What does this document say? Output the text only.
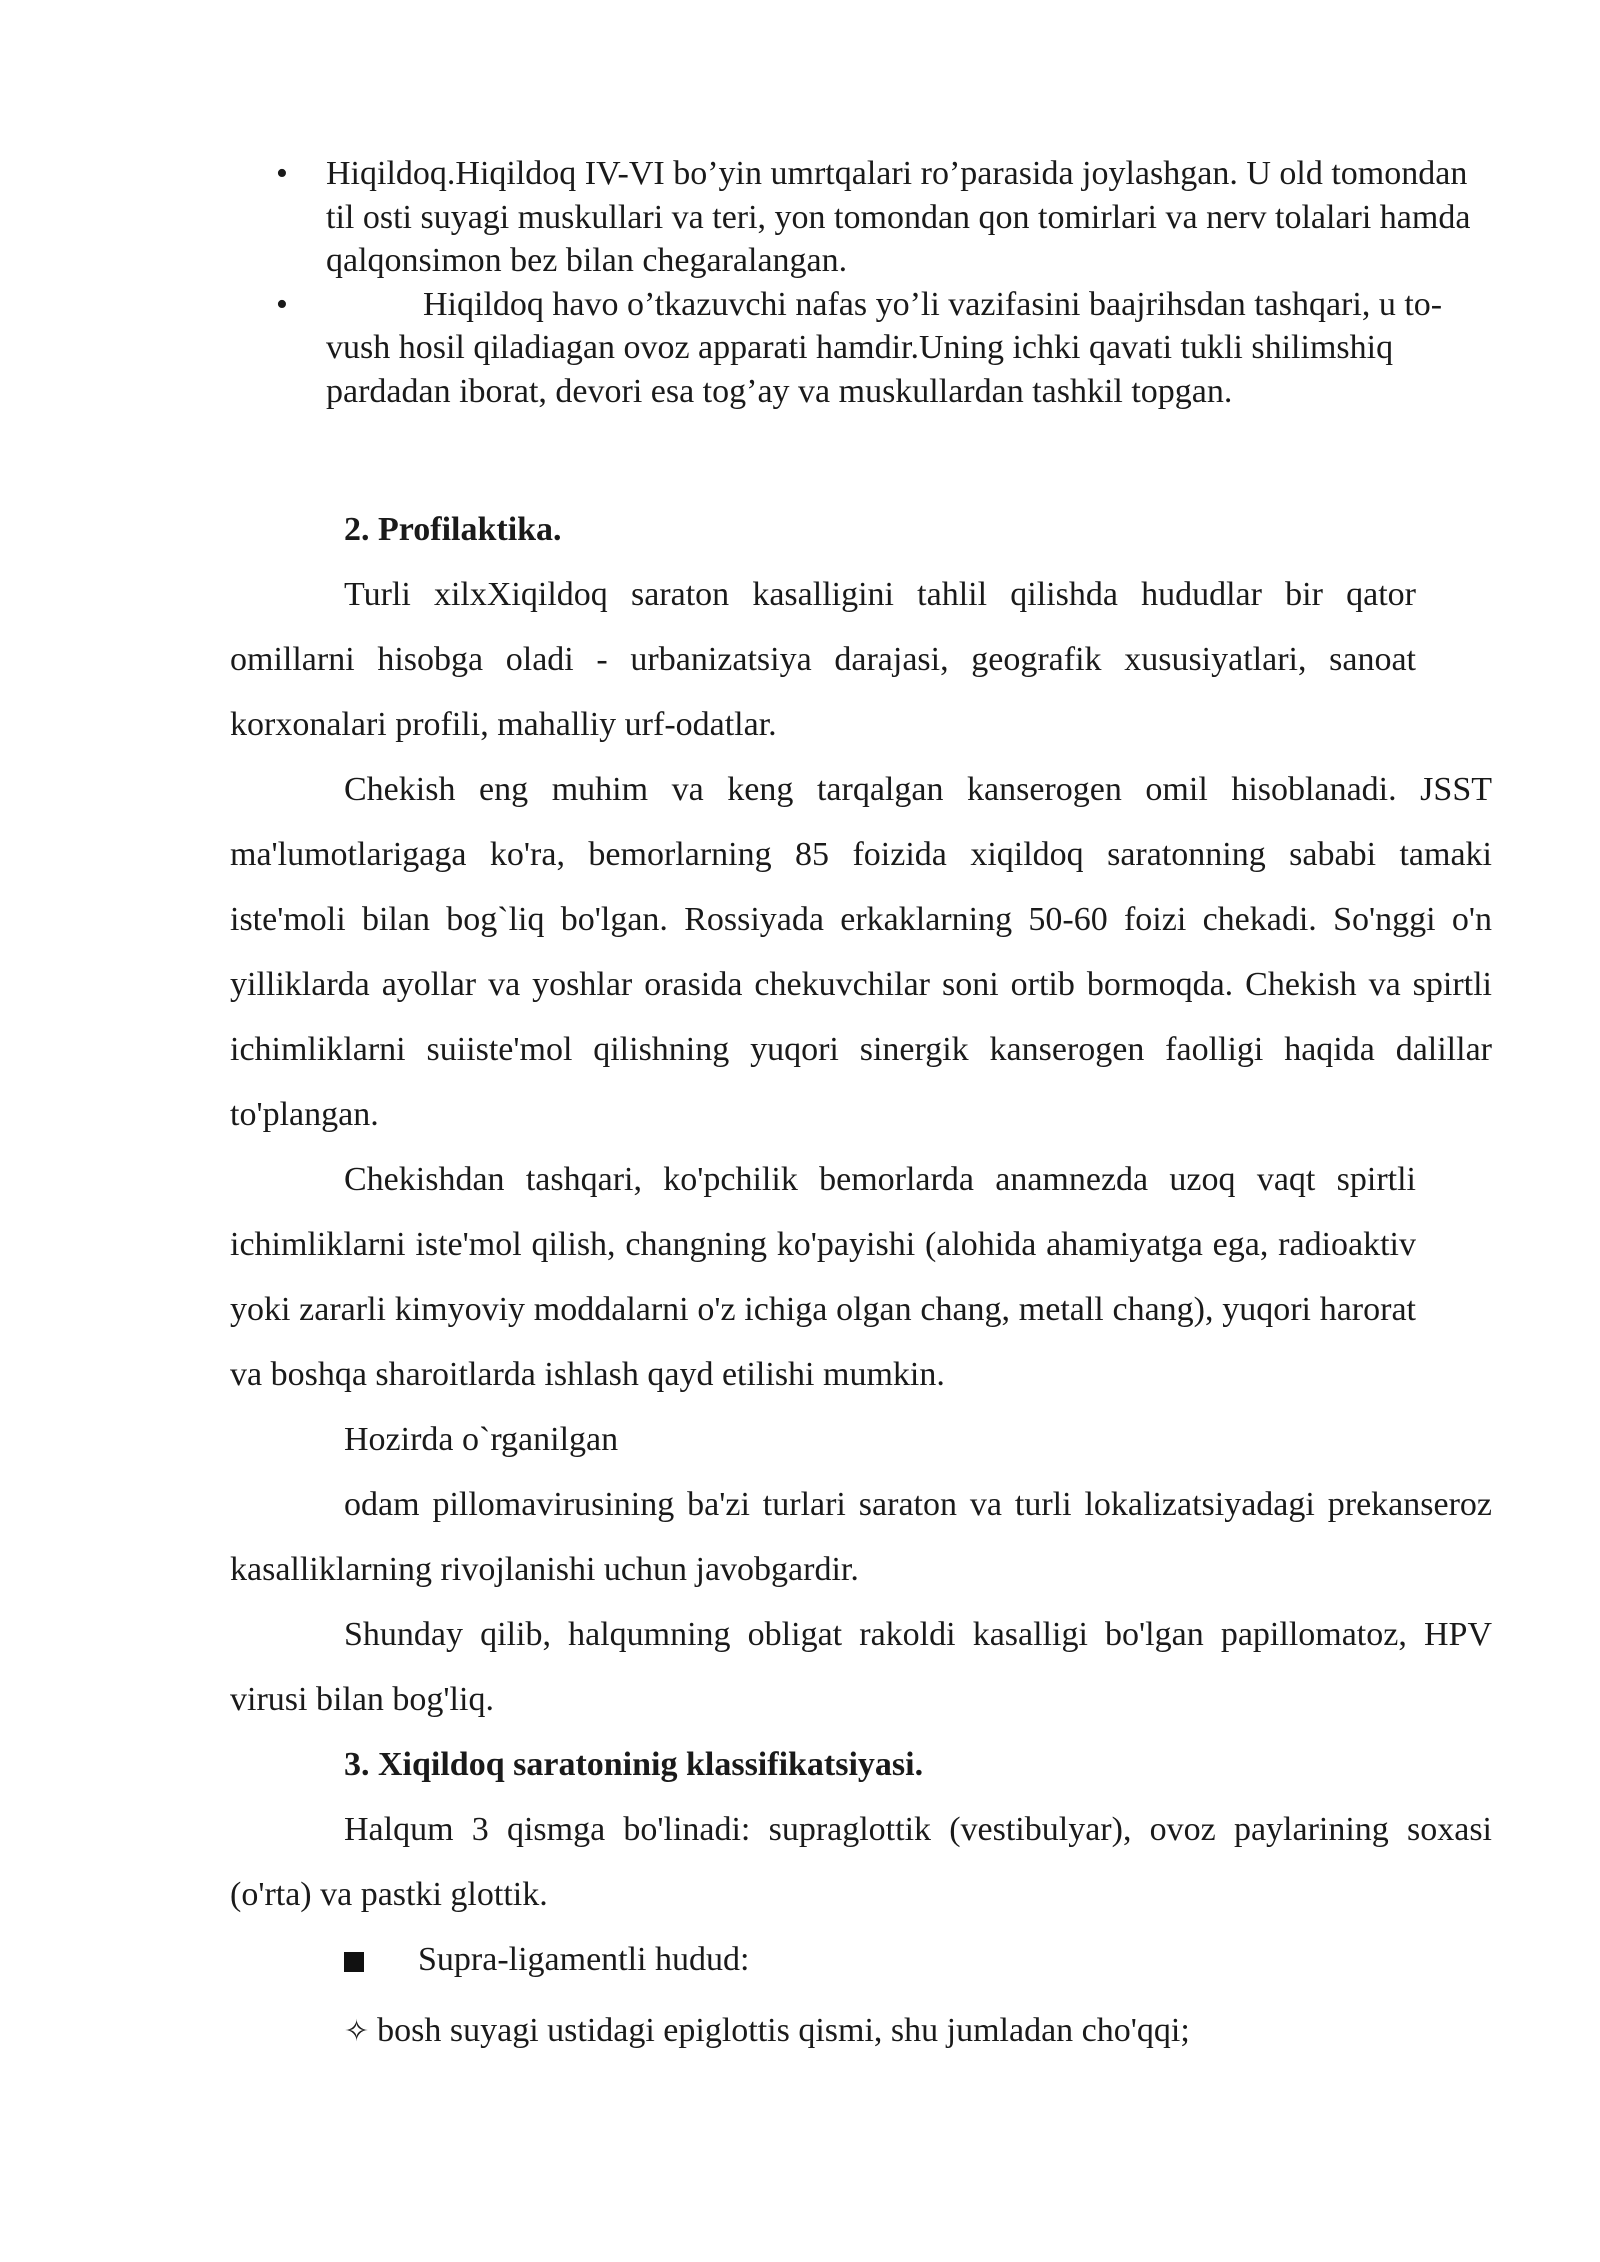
•	Hiqildoq.Hiqildoq IV-VI bo’yin umrtqalari ro’parasida joylashgan. U old tomondan til osti suyagi muskullari va teri, yon tomondan qon tomirlari va nerv tolalari hamda qalqonsimon bez bilan chegaralangan.
•	Hiqildoq havo o’tkazuvchi nafas yo’li vazifasini baajrihsdan tashqari, u to-vush hosil qiladiagan ovoz apparati hamdir.Uning ichki qavati tukli shilimshiq pardadan iborat, devori esa tog’ay va muskullardan tashkil topgan.

2. Profilaktika.

Turli xilxXiqildoq saraton kasalligini tahlil qilishda hududlar bir qator omillarni hisobga oladi - urbanizatsiya darajasi, geografik xususiyatlari, sanoat korxonalari profili, mahalliy urf-odatlar.

Chekish eng muhim va keng tarqalgan kanserogen omil hisoblanadi. JSST ma'lumotlarigaga ko'ra, bemorlarning 85 foizida xiqildoq saratonning sababi tamaki iste'moli bilan bog`liq bo'lgan. Rossiyada erkaklarning 50-60 foizi chekadi. So'nggi o'n yilliklarda ayollar va yoshlar orasida chekuvchilar soni ortib bormoqda. Chekish va spirtli ichimliklarni suiiste'mol qilishning yuqori sinergik kanserogen faolligi haqida dalillar to'plangan.

Chekishdan tashqari, ko'pchilik bemorlarda anamnezda uzoq vaqt spirtli ichimliklarni iste'mol qilish, changning ko'payishi (alohida ahamiyatga ega, radioaktiv yoki zararli kimyoviy moddalarni o'z ichiga olgan chang, metall chang), yuqori harorat va boshqa sharoitlarda ishlash qayd etilishi mumkin.

Hozirda o`rganilgan

odam pillomavirusining ba'zi turlari saraton va turli lokalizatsiyadagi prekanseroz kasalliklarning rivojlanishi uchun javobgardir.

Shunday qilib, halqumning obligat rakoldi kasalligi bo'lgan papillomatoz, HPV virusi bilan bog'liq.

3. Xiqildoq saratoninig klassifikatsiyasi.

Halqum 3 qismga bo'linadi: supraglottik (vestibulyar), ovoz paylarining soxasi (o'rta) va pastki glottik.

Supra-ligamentli hudud:

✧ bosh suyagi ustidagi epiglottis qismi, shu jumladan cho'qqi;
